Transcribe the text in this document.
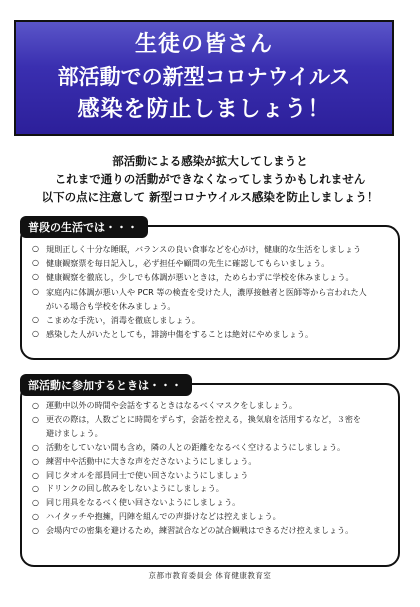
生徒の皆さん
部活動での新型コロナウイルス
感染を防止しましょう！
部活動による感染が拡大してしまうと
これまで通りの活動ができなくなってしまうかもしれません
以下の点に注意して 新型コロナウイルス感染を防止しましょう！
○ 規則正しく十分な睡眠，バランスの良い食事などを心がけ，健康的な生活をしましょう
○ 健康観察票を毎日記入し，必ず担任や顧問の先生に確認してもらいましょう。
○ 健康観察を徹底し，少しでも体調が悪いときは，ためらわずに学校を休みましょう。
○ 家庭内に体調が悪い人や PCR 等の検査を受けた人，濃厚接触者と医師等から言われた人
がいる場合も学校を休みましょう。
○ こまめな手洗い，消毒を徹底しましょう。
○ 感染した人がいたとしても，誹謗中傷をすることは絶対にやめましょう。
普段の生活では・・・
○ 運動中以外の時間や会話をするときはなるべくマスクをしましょう。
○ 更衣の際は，人数ごとに時間をずらす，会話を控える，換気扇を活用するなど，３密を
避けましょう。
○ 活動をしていない間も含め，隣の人との距離をなるべく空けるようにしましょう。
○ 練習中や活動中に大きな声をださないようにしましょう。
○ 同じタオルを部員同士で使い回さないようにしましょう
○ ドリンクの回し飲みをしないようにしましょう。
○ 同じ用具をなるべく使い回さないようにしましょう。
○ ハイタッチや抱擁，円陣を組んでの声掛けなどは控えましょう。
○ 会場内での密集を避けるため，練習試合などの試合観戦はできるだけ控えましょう。
部活動に参加するときは・・・
京都市教育委員会 体育健康教育室
